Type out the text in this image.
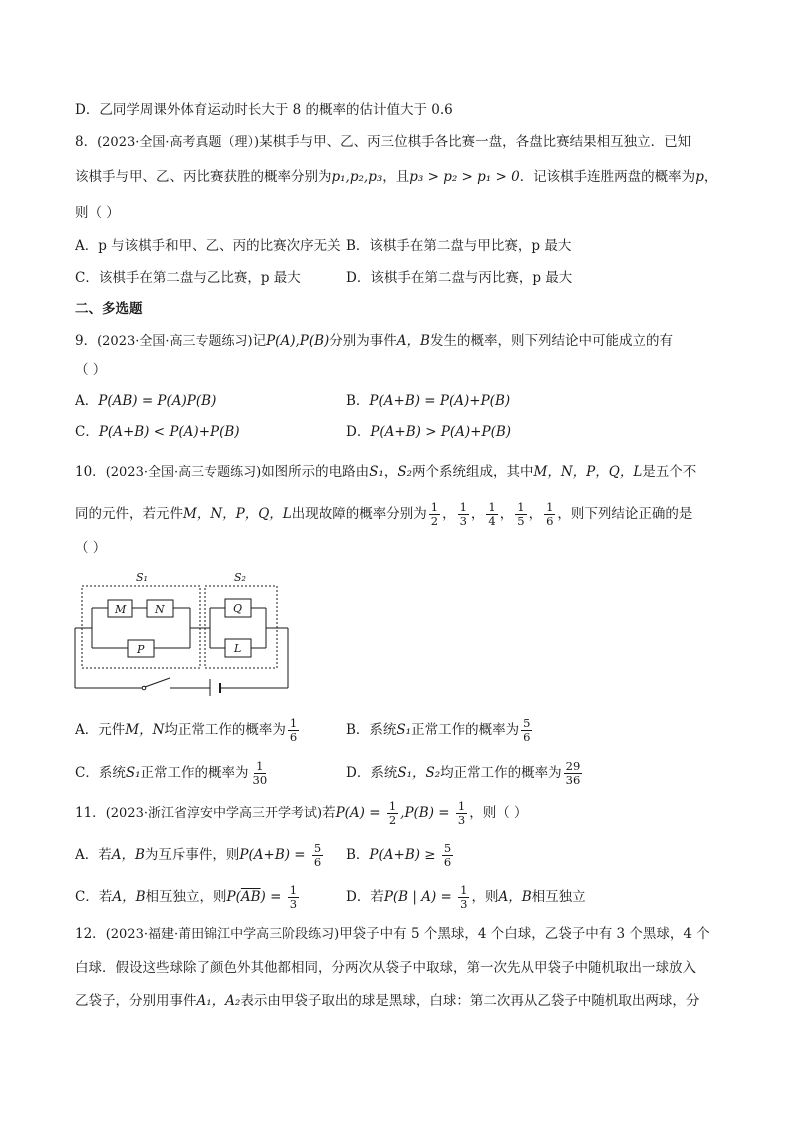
D．乙同学周课外体育运动时长大于 8 的概率的估计值大于 0.6
8．(2023·全国·高考真题（理）)某棋手与甲、乙、丙三位棋手各比赛一盘，各盘比赛结果相互独立．已知
该棋手与甲、乙、丙比赛获胜的概率分别为p₁,p₂,p₃，且p₃ > p₂ > p₁ > 0．记该棋手连胜两盘的概率为p，
则（ ）
A．p 与该棋手和甲、乙、丙的比赛次序无关 B．该棋手在第二盘与甲比赛，p 最大
C．该棋手在第二盘与乙比赛，p 最大	D．该棋手在第二盘与丙比赛，p 最大
二、多选题
9．(2023·全国·高三专题练习)记P(A),P(B)分别为事件A，B发生的概率，则下列结论中可能成立的有
（ ）
A．P(AB) = P(A)P(B)	B．P(A+B) = P(A)+P(B)
C．P(A+B) < P(A)+P(B)	D．P(A+B) > P(A)+P(B)
10．(2023·全国·高三专题练习)如图所示的电路由S₁，S₂两个系统组成，其中M，N，P，Q，L是五个不
同的元件，若元件M，N，P，Q，L出现故障的概率分别为 $\frac{1}{2}$ ， $\frac{1}{3}$ ， $\frac{1}{4}$ ， $\frac{1}{5}$ ， $\frac{1}{6}$ ，则下列结论正确的是
（ ）
S₁	S₂
M	N
P
Q
L
A．元件M，N均正常工作的概率为 $\frac{1}{6}$	B．系统S₁正常工作的概率为 $\frac{5}{6}$
C．系统S₁正常工作的概率为 $\frac{1}{30}$	D．系统S₁，S₂均正常工作的概率为 $\frac{29}{36}$
11．(2023·浙江省淳安中学高三开学考试)若$P(A) = \frac{1}{2} ,P(B) = \frac{1}{3}$ ，则（ ）
A．若A，B为互斥事件，则$P(A+B) = \frac{5}{6}$ B．$P(A+B) \ge \frac{5}{6}$
C．若A，B相互独立，则$P(\overline{AB}) = \frac{1}{3}$	D．若P(B | $A) = \frac{1}{3}$ ，则A，B相互独立
12．(2023·福建·莆田锦江中学高三阶段练习)甲袋子中有 5 个黑球，4 个白球，乙袋子中有 3 个黑球，4 个
白球．假设这些球除了颜色外其他都相同，分两次从袋子中取球，第一次先从甲袋子中随机取出一球放入
乙袋子，分别用事件A₁，A₂表示由甲袋子取出的球是黑球，白球：第二次再从乙袋子中随机取出两球，分
